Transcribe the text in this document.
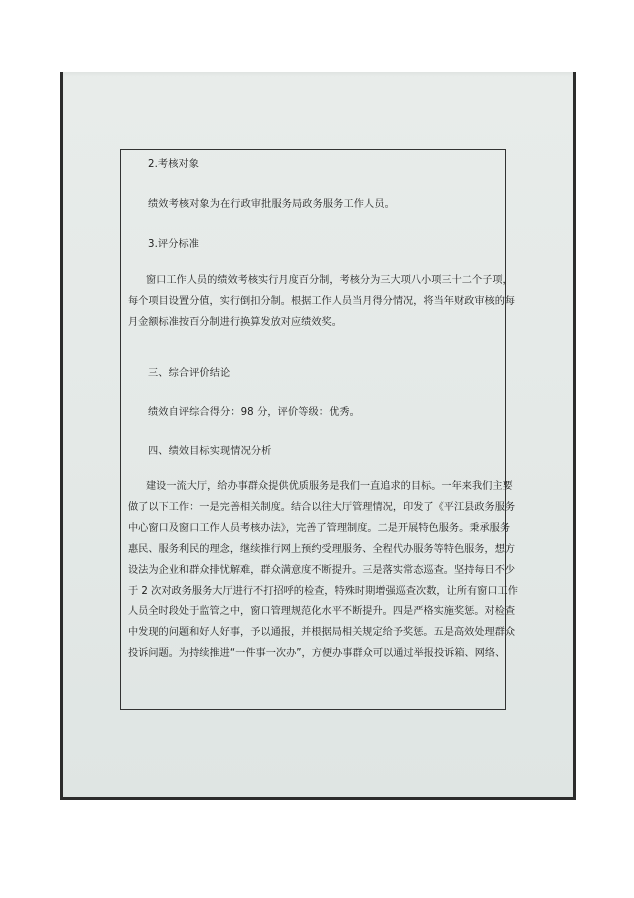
2.考核对象
绩效考核对象为在行政审批服务局政务服务工作人员。
3.评分标准
窗口工作人员的绩效考核实行月度百分制，考核分为三大项八小项三十二个子项，
每个项目设置分值，实行倒扣分制。根据工作人员当月得分情况，将当年财政审核的每
月金额标准按百分制进行换算发放对应绩效奖。
三、综合评价结论
绩效自评综合得分：98 分，评价等级：优秀。
四、绩效目标实现情况分析
建设一流大厅，给办事群众提供优质服务是我们一直追求的目标。一年来我们主要
做了以下工作：一是完善相关制度。结合以往大厅管理情况，印发了《平江县政务服务
中心窗口及窗口工作人员考核办法》，完善了管理制度。二是开展特色服务。秉承服务
惠民、服务利民的理念，继续推行网上预约受理服务、全程代办服务等特色服务，想方
设法为企业和群众排忧解难，群众满意度不断提升。三是落实常态巡查。坚持每日不少
于 2 次对政务服务大厅进行不打招呼的检查，特殊时期增强巡查次数，让所有窗口工作
人员全时段处于监管之中，窗口管理规范化水平不断提升。四是严格实施奖惩。对检查
中发现的问题和好人好事，予以通报，并根据局相关规定给予奖惩。五是高效处理群众
投诉问题。为持续推进“一件事一次办”，方便办事群众可以通过举报投诉箱、网络、
